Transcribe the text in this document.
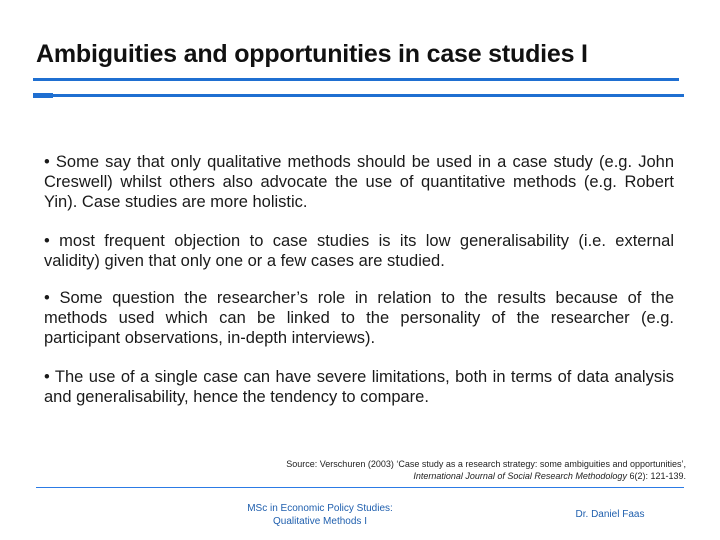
Ambiguities and opportunities in case studies I

• Some say that only qualitative methods should be used in a case study (e.g. John Creswell) whilst others also advocate the use of quantitative methods (e.g. Robert Yin). Case studies are more holistic.

• most frequent objection to case studies is its low generalisability (i.e. external validity) given that only one or a few cases are studied.

• Some question the researcher’s role in relation to the results because of the methods used which can be linked to the personality of the researcher (e.g. participant observations, in-depth interviews).

• The use of a single case can have severe limitations, both in terms of data analysis and generalisability, hence the tendency to compare.

Source: Verschuren (2003) ‘Case study as a research strategy: some ambiguities and opportunities’,
International Journal of Social Research Methodology 6(2): 121-139.
MSc in Economic Policy Studies:
Qualitative Methods I
Dr. Daniel Faas
